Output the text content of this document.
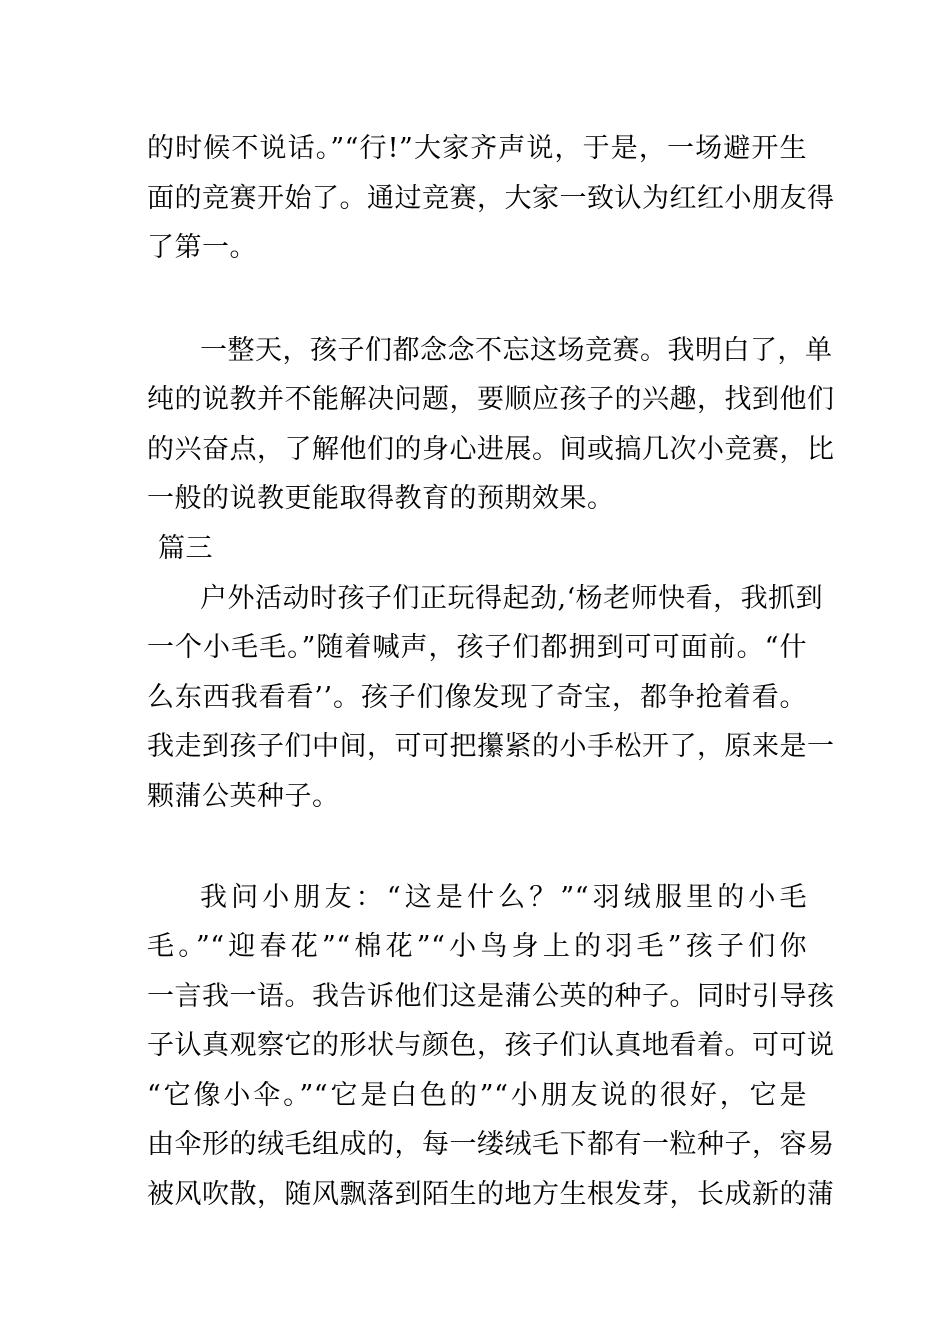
的时候不说话。”“行!”大家齐声说，于是，一场避开生
面的竞赛开始了。通过竞赛，大家一致认为红红小朋友得
了第一。
一整天，孩子们都念念不忘这场竞赛。我明白了，单
纯的说教并不能解决问题，要顺应孩子的兴趣，找到他们
的兴奋点，了解他们的身心进展。间或搞几次小竞赛，比
一般的说教更能取得教育的预期效果。
篇三
户外活动时孩子们正玩得起劲,‘杨老师快看，我抓到
一个小毛毛。”随着喊声，孩子们都拥到可可面前。“什
么东西我看看’’。孩子们像发现了奇宝，都争抢着看。
我走到孩子们中间，可可把攥紧的小手松开了，原来是一
颗蒲公英种子。
我问小朋友：“这是什么？”“羽绒服里的小毛
毛。”“迎春花”“棉花”“小鸟身上的羽毛”孩子们你
一言我一语。我告诉他们这是蒲公英的种子。同时引导孩
子认真观察它的形状与颜色，孩子们认真地看着。可可说
“它像小伞。”“它是白色的”“小朋友说的很好，它是
由伞形的绒毛组成的，每一缕绒毛下都有一粒种子，容易
被风吹散，随风飘落到陌生的地方生根发芽，长成新的蒲
